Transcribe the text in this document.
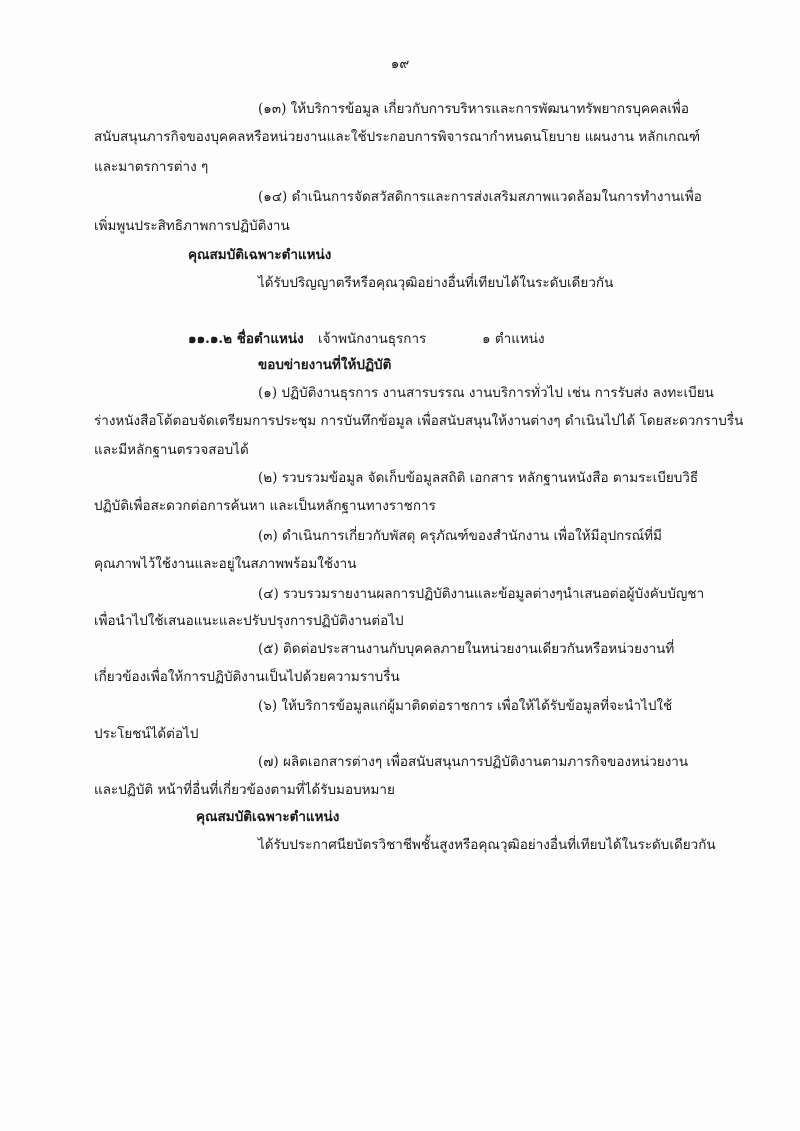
๑๙
(๑๓) ให้บริการข้อมูล เกี่ยวกับการบริหารและการพัฒนาทรัพยากรบุคคลเพื่อ
สนับสนุนภารกิจของบุคคลหรือหน่วยงานและใช้ประกอบการพิจารณากำหนดนโยบาย แผนงาน หลักเกณฑ์
และมาตรการต่าง ๆ
(๑๔) ดำเนินการจัดสวัสดิการและการส่งเสริมสภาพแวดล้อมในการทำงานเพื่อ
เพิ่มพูนประสิทธิภาพการปฏิบัติงาน
คุณสมบัติเฉพาะตำแหน่ง
ได้รับปริญญาตรีหรือคุณวุฒิอย่างอื่นที่เทียบได้ในระดับเดียวกัน
๑๑.๑.๒ ชื่อตำแหน่ง เจ้าพนักงานธุรการ	๑ ตำแหน่ง
ขอบข่ายงานที่ให้ปฏิบัติ
(๑) ปฏิบัติงานธุรการ งานสารบรรณ งานบริการทั่วไป เช่น การรับส่ง ลงทะเบียน
ร่างหนังสือโต้ตอบจัดเตรียมการประชุม การบันทึกข้อมูล เพื่อสนับสนุนให้งานต่างๆ ดำเนินไปได้ โดยสะดวกราบรื่น
และมีหลักฐานตรวจสอบได้
(๒) รวบรวมข้อมูล จัดเก็บข้อมูลสถิติ เอกสาร หลักฐานหนังสือ ตามระเบียบวิธี
ปฏิบัติเพื่อสะดวกต่อการค้นหา และเป็นหลักฐานทางราชการ
(๓) ดำเนินการเกี่ยวกับพัสดุ ครุภัณฑ์ของสำนักงาน เพื่อให้มีอุปกรณ์ที่มี
คุณภาพไว้ใช้งานและอยู่ในสภาพพร้อมใช้งาน
(๔) รวบรวมรายงานผลการปฏิบัติงานและข้อมูลต่างๆนำเสนอต่อผู้บังคับบัญชา
เพื่อนำไปใช้เสนอแนะและปรับปรุงการปฏิบัติงานต่อไป
(๕) ติดต่อประสานงานกับบุคคลภายในหน่วยงานเดียวกันหรือหน่วยงานที่
เกี่ยวข้องเพื่อให้การปฏิบัติงานเป็นไปด้วยความราบรื่น
(๖) ให้บริการข้อมูลแก่ผู้มาติดต่อราชการ เพื่อให้ได้รับข้อมูลที่จะนำไปใช้
ประโยชน์ได้ต่อไป
(๗) ผลิตเอกสารต่างๆ เพื่อสนับสนุนการปฏิบัติงานตามภารกิจของหน่วยงาน
และปฏิบัติ หน้าที่อื่นที่เกี่ยวข้องตามที่ได้รับมอบหมาย
คุณสมบัติเฉพาะตำแหน่ง
ได้รับประกาศนียบัตรวิชาชีพชั้นสูงหรือคุณวุฒิอย่างอื่นที่เทียบได้ในระดับเดียวกัน
